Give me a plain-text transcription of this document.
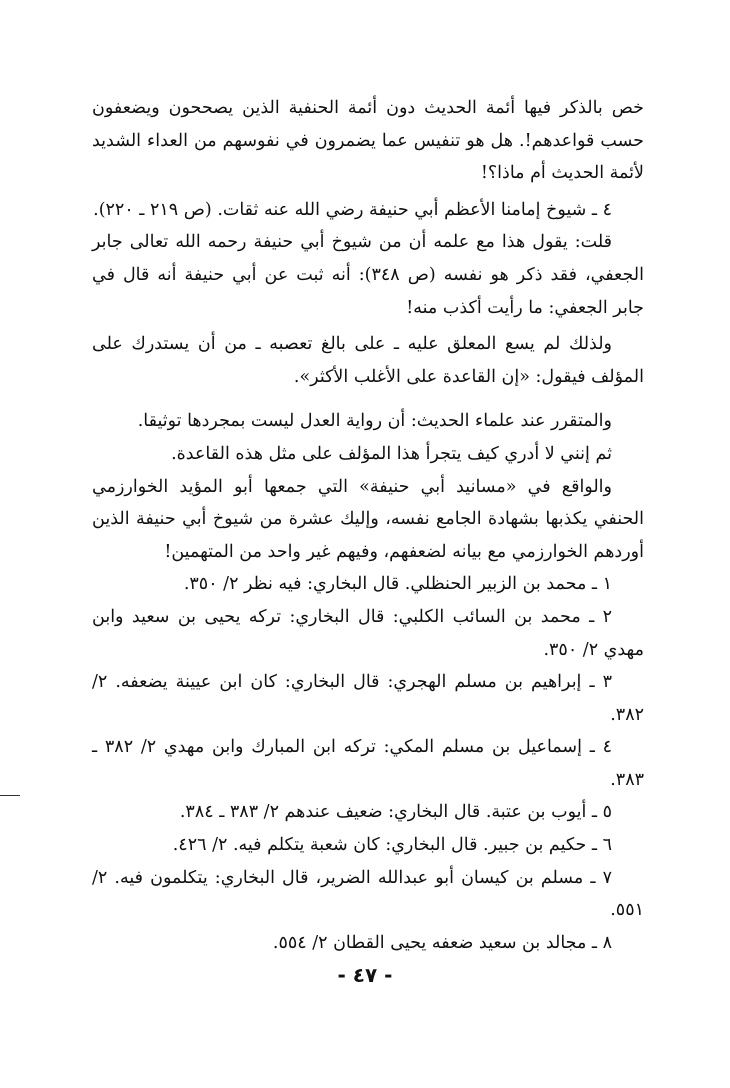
خص بالذكر فيها أئمة الحديث دون أئمة الحنفية الذين يصححون ويضعفون حسب قواعدهم!. هل هو تنفيس عما يضمرون في نفوسهم من العداء الشديد لأئمة الحديث أم ماذا؟!

٤ ـ شيوخ إمامنا الأعظم أبي حنيفة رضي الله عنه ثقات. (ص ٢١٩ ـ ٢٢٠).

قلت: يقول هذا مع علمه أن من شيوخ أبي حنيفة رحمه الله تعالى جابر الجعفي، فقد ذكر هو نفسه (ص ٣٤٨): أنه ثبت عن أبي حنيفة أنه قال في جابر الجعفي: ما رأيت أكذب منه!

ولذلك لم يسع المعلق عليه ـ على بالغ تعصبه ـ من أن يستدرك على المؤلف فيقول: «إن القاعدة على الأغلب الأكثر».

والمتقرر عند علماء الحديث: أن رواية العدل ليست بمجردها توثيقا.

ثم إنني لا أدري كيف يتجرأ هذا المؤلف على مثل هذه القاعدة.

والواقع في «مسانيد أبي حنيفة» التي جمعها أبو المؤيد الخوارزمي الحنفي يكذبها بشهادة الجامع نفسه، وإليك عشرة من شيوخ أبي حنيفة الذين أوردهم الخوارزمي مع بيانه لضعفهم، وفيهم غير واحد من المتهمين!

١ ـ محمد بن الزبير الحنظلي. قال البخاري: فيه نظر ٢/ ٣٥٠.

٢ ـ محمد بن السائب الكلبي: قال البخاري: تركه يحيى بن سعيد وابن مهدي ٢/ ٣٥٠.

٣ ـ إبراهيم بن مسلم الهجري: قال البخاري: كان ابن عيينة يضعفه. ٢/ ٣٨٢.

٤ ـ إسماعيل بن مسلم المكي: تركه ابن المبارك وابن مهدي ٢/ ٣٨٢ ـ ٣٨٣.

٥ ـ أيوب بن عتبة. قال البخاري: ضعيف عندهم ٢/ ٣٨٣ ـ ٣٨٤.

٦ ـ حكيم بن جبير. قال البخاري: كان شعبة يتكلم فيه. ٢/ ٤٢٦.

٧ ـ مسلم بن كيسان أبو عبدالله الضرير، قال البخاري: يتكلمون فيه. ٢/ ٥٥١.

٨ ـ مجالد بن سعيد ضعفه يحيى القطان ٢/ ٥٥٤.

- ٤٧ -
